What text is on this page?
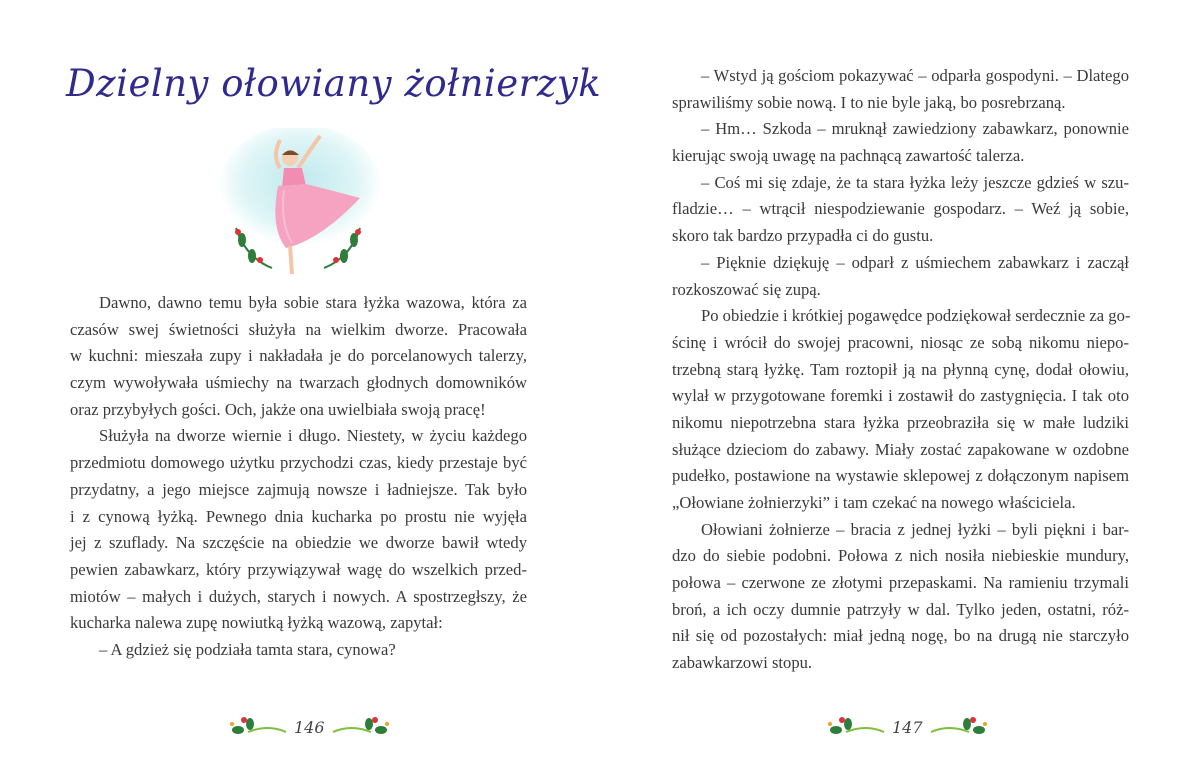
Dzielny ołowiany żołnierzyk
Dawno, dawno temu była sobie stara łyżka wazowa, która za
czasów swej świetności służyła na wielkim dworze. Pracowała
w kuchni: mieszała zupy i nakładała je do porcelanowych talerzy,
czym wywoływała uśmiechy na twarzach głodnych domowników
oraz przybyłych gości. Och, jakże ona uwielbiała swoją pracę!
Służyła na dworze wiernie i długo. Niestety, w życiu każdego
przedmiotu domowego użytku przychodzi czas, kiedy przestaje być
przydatny, a jego miejsce zajmują nowsze i ładniejsze. Tak było
i z cynową łyżką. Pewnego dnia kucharka po prostu nie wyjęła
jej z szuflady. Na szczęście na obiedzie we dworze bawił wtedy
pewien zabawkarz, który przywiązywał wagę do wszelkich przed-
miotów – małych i dużych, starych i nowych. A spostrzegłszy, że
kucharka nalewa zupę nowiutką łyżką wazową, zapytał:
– A gdzież się podziała tamta stara, cynowa?
146
– Wstyd ją gościom pokazywać – odparła gospodyni. – Dlatego
sprawiliśmy sobie nową. I to nie byle jaką, bo posrebrzaną.
– Hm… Szkoda – mruknął zawiedziony zabawkarz, ponownie
kierując swoją uwagę na pachnącą zawartość talerza.
– Coś mi się zdaje, że ta stara łyżka leży jeszcze gdzieś w szu-
fladzie… – wtrącił niespodziewanie gospodarz. – Weź ją sobie,
skoro tak bardzo przypadła ci do gustu.
– Pięknie dziękuję – odparł z uśmiechem zabawkarz i zaczął
rozkoszować się zupą.
Po obiedzie i krótkiej pogawędce podziękował serdecznie za go-
ścinę i wrócił do swojej pracowni, niosąc ze sobą nikomu niepo-
trzebną starą łyżkę. Tam roztopił ją na płynną cynę, dodał ołowiu,
wylał w przygotowane foremki i zostawił do zastygnięcia. I tak oto
nikomu niepotrzebna stara łyżka przeobraziła się w małe ludziki
służące dzieciom do zabawy. Miały zostać zapakowane w ozdobne
pudełko, postawione na wystawie sklepowej z dołączonym napisem
„Ołowiane żołnierzyki” i tam czekać na nowego właściciela.
Ołowiani żołnierze – bracia z jednej łyżki – byli piękni i bar-
dzo do siebie podobni. Połowa z nich nosiła niebieskie mundury,
połowa – czerwone ze złotymi przepaskami. Na ramieniu trzymali
broń, a ich oczy dumnie patrzyły w dal. Tylko jeden, ostatni, róż-
nił się od pozostałych: miał jedną nogę, bo na drugą nie starczyło
zabawkarzowi stopu.
147
